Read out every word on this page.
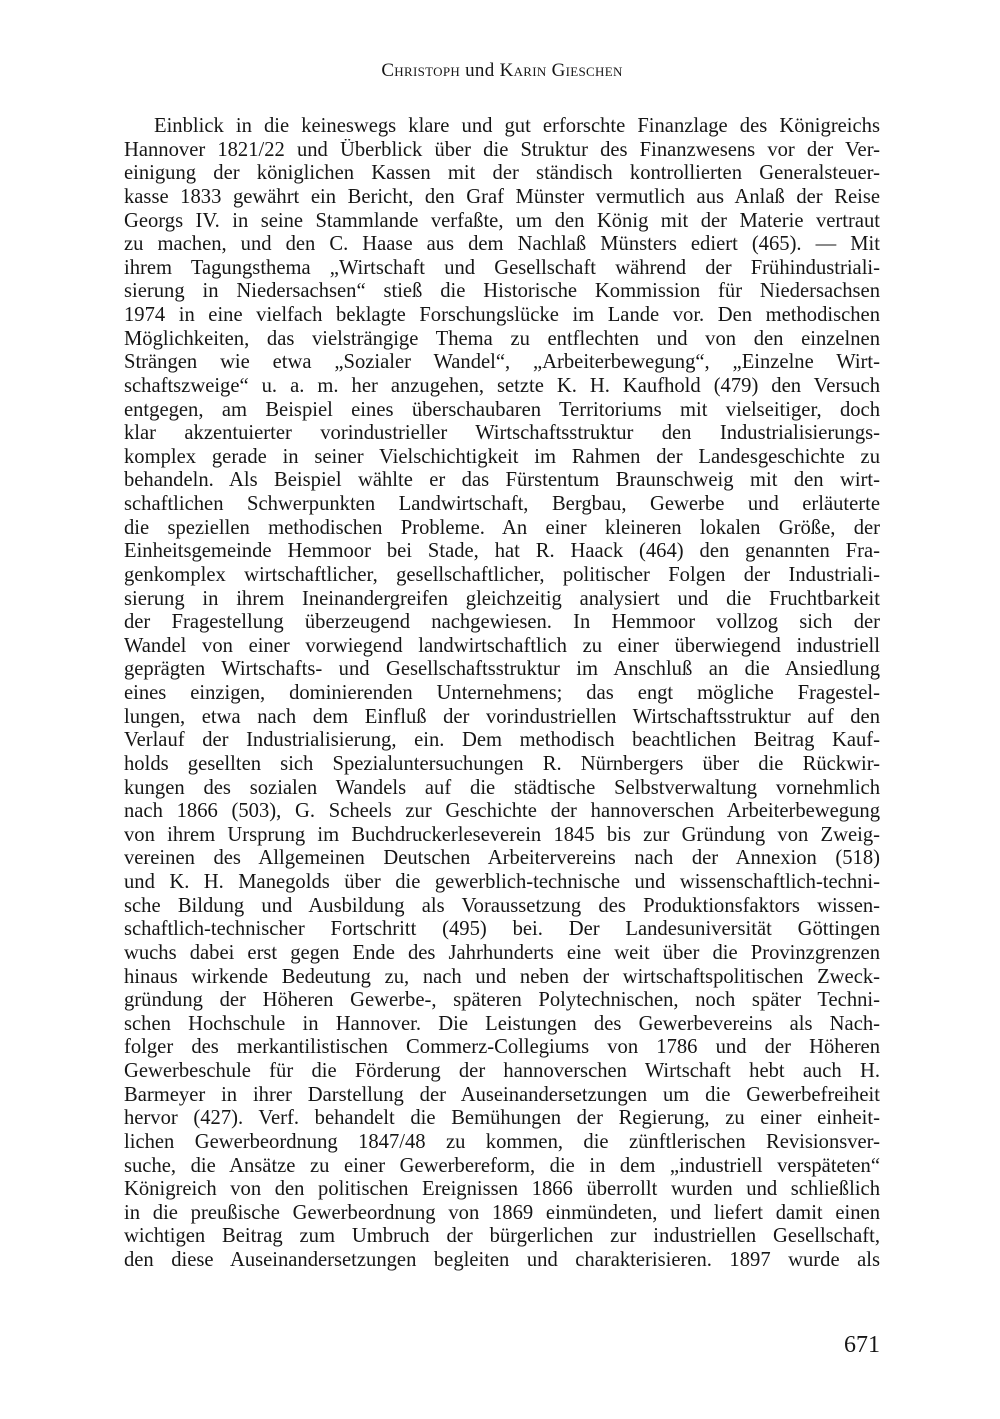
Christoph und Karin Gieschen
Einblick in die keineswegs klare und gut erforschte Finanzlage des Königreichs
Hannover 1821/22 und Überblick über die Struktur des Finanzwesens vor der Ver-
einigung der königlichen Kassen mit der ständisch kontrollierten Generalsteuer-
kasse 1833 gewährt ein Bericht, den Graf Münster vermutlich aus Anlaß der Reise
Georgs IV. in seine Stammlande verfaßte, um den König mit der Materie vertraut
zu machen, und den C. Haase aus dem Nachlaß Münsters ediert (465). — Mit
ihrem Tagungsthema „Wirtschaft und Gesellschaft während der Frühindustriali-
sierung in Niedersachsen“ stieß die Historische Kommission für Niedersachsen
1974 in eine vielfach beklagte Forschungslücke im Lande vor. Den methodischen
Möglichkeiten, das vielsträngige Thema zu entflechten und von den einzelnen
Strängen wie etwa „Sozialer Wandel“, „Arbeiterbewegung“, „Einzelne Wirt-
schaftszweige“ u. a. m. her anzugehen, setzte K. H. Kaufhold (479) den Versuch
entgegen, am Beispiel eines überschaubaren Territoriums mit vielseitiger, doch
klar akzentuierter vorindustrieller Wirtschaftsstruktur den Industrialisierungs-
komplex gerade in seiner Vielschichtigkeit im Rahmen der Landesgeschichte zu
behandeln. Als Beispiel wählte er das Fürstentum Braunschweig mit den wirt-
schaftlichen Schwerpunkten Landwirtschaft, Bergbau, Gewerbe und erläuterte
die speziellen methodischen Probleme. An einer kleineren lokalen Größe, der
Einheitsgemeinde Hemmoor bei Stade, hat R. Haack (464) den genannten Fra-
genkomplex wirtschaftlicher, gesellschaftlicher, politischer Folgen der Industriali-
sierung in ihrem Ineinandergreifen gleichzeitig analysiert und die Fruchtbarkeit
der Fragestellung überzeugend nachgewiesen. In Hemmoor vollzog sich der
Wandel von einer vorwiegend landwirtschaftlich zu einer überwiegend industriell
geprägten Wirtschafts- und Gesellschaftsstruktur im Anschluß an die Ansiedlung
eines einzigen, dominierenden Unternehmens; das engt mögliche Fragestel-
lungen, etwa nach dem Einfluß der vorindustriellen Wirtschaftsstruktur auf den
Verlauf der Industrialisierung, ein. Dem methodisch beachtlichen Beitrag Kauf-
holds gesellten sich Spezialuntersuchungen R. Nürnbergers über die Rückwir-
kungen des sozialen Wandels auf die städtische Selbstverwaltung vornehmlich
nach 1866 (503), G. Scheels zur Geschichte der hannoverschen Arbeiterbewegung
von ihrem Ursprung im Buchdruckerleseverein 1845 bis zur Gründung von Zweig-
vereinen des Allgemeinen Deutschen Arbeitervereins nach der Annexion (518)
und K. H. Manegolds über die gewerblich-technische und wissenschaftlich-techni-
sche Bildung und Ausbildung als Voraussetzung des Produktionsfaktors wissen-
schaftlich-technischer Fortschritt (495) bei. Der Landesuniversität Göttingen
wuchs dabei erst gegen Ende des Jahrhunderts eine weit über die Provinzgrenzen
hinaus wirkende Bedeutung zu, nach und neben der wirtschaftspolitischen Zweck-
gründung der Höheren Gewerbe-, späteren Polytechnischen, noch später Techni-
schen Hochschule in Hannover. Die Leistungen des Gewerbevereins als Nach-
folger des merkantilistischen Commerz-Collegiums von 1786 und der Höheren
Gewerbeschule für die Förderung der hannoverschen Wirtschaft hebt auch H.
Barmeyer in ihrer Darstellung der Auseinandersetzungen um die Gewerbefreiheit
hervor (427). Verf. behandelt die Bemühungen der Regierung, zu einer einheit-
lichen Gewerbeordnung 1847/48 zu kommen, die zünftlerischen Revisionsver-
suche, die Ansätze zu einer Gewerbereform, die in dem „industriell verspäteten“
Königreich von den politischen Ereignissen 1866 überrollt wurden und schließlich
in die preußische Gewerbeordnung von 1869 einmündeten, und liefert damit einen
wichtigen Beitrag zum Umbruch der bürgerlichen zur industriellen Gesellschaft,
den diese Auseinandersetzungen begleiten und charakterisieren. 1897 wurde als
671
